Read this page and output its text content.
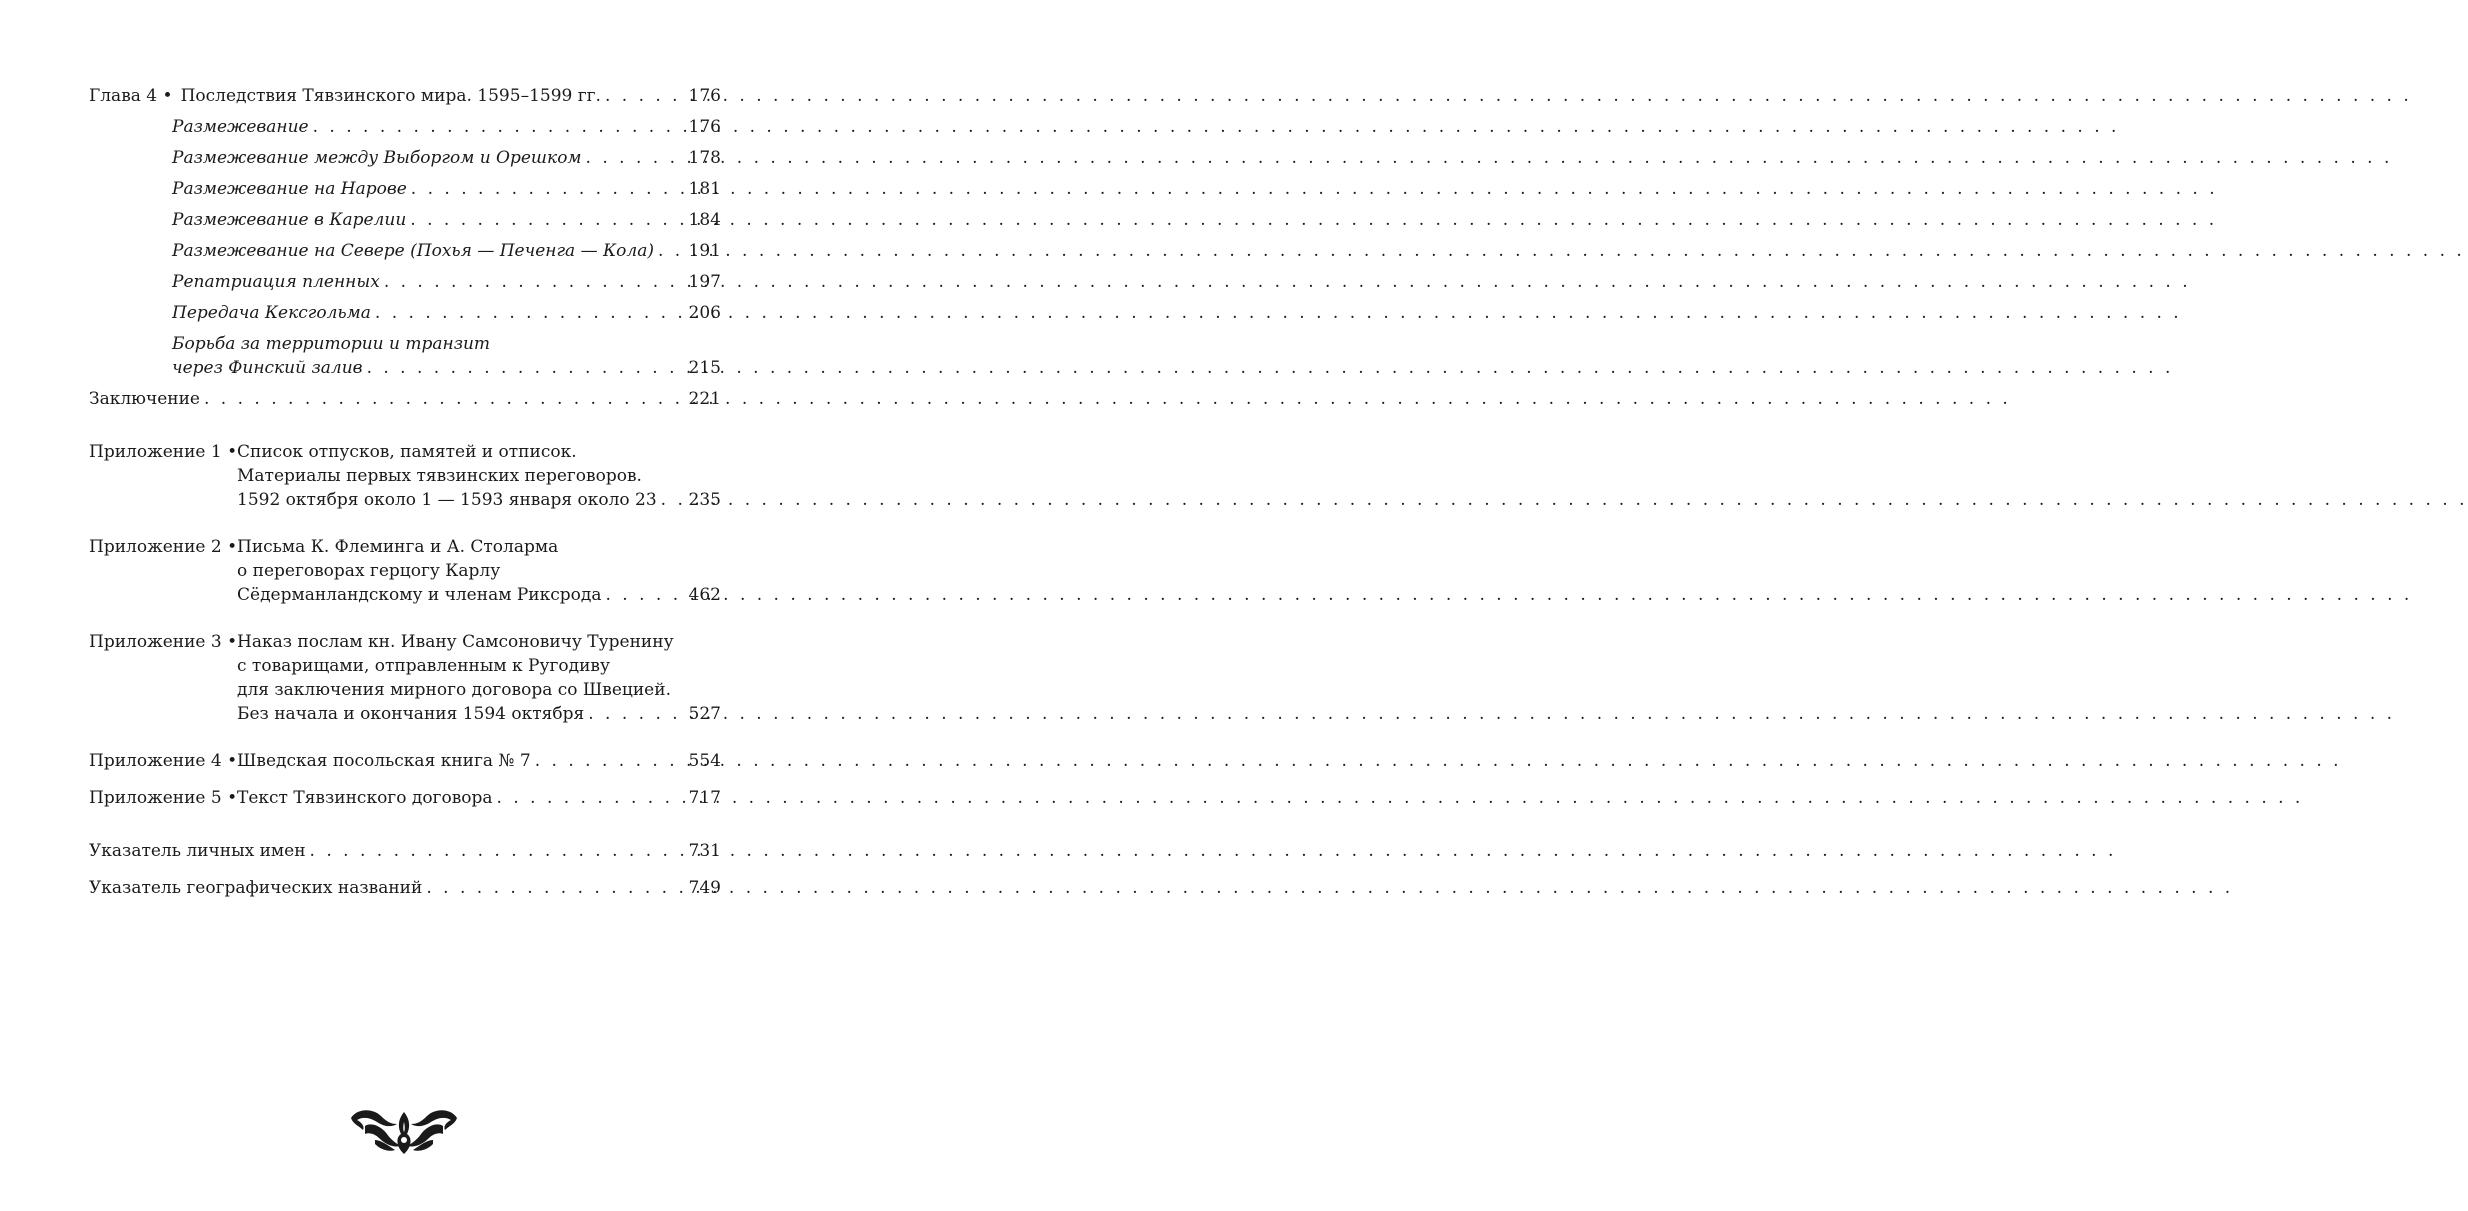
Глава 4 • Последствия Тявзинского мира. 1595–1599 гг. . . .	176
Размежевание . . .	176
Размежевание между Выборгом и Орешком . . .	178
Размежевание на Нарове . . .	181
Размежевание в Карелии . . .	184
Размежевание на Севере (Похья — Печенга — Кола) . . . 191
Репатриация пленных . . .	197
Передача Кексгольма . . .	206
Борьба за территории и транзит
через Финский залив . . .	215
Заключение . . .	221
Приложение 1 • Список отпусков, памятей и отписок.
Материалы первых тявзинских переговоров.
1592 октября около 1 — 1593 января около 23 . . . 235
Приложение 2 • Письма К. Флеминга и А. Столарма
о переговорах герцогу Карлу
Сёдерманландскому и членам Риксрода . . .	462
Приложение 3 • Наказ послам кн. Ивану Самсоновичу Туренину
с товарищами, отправленным к Ругодиву
для заключения мирного договора со Швецией.
Без начала и окончания 1594 октября . . .	527
Приложение 4 • Шведская посольская книга № 7 . . .	554
Приложение 5 • Текст Тявзинского договора . . .	717
Указатель личных имен . . .	731
Указатель географических названий . . .	749
